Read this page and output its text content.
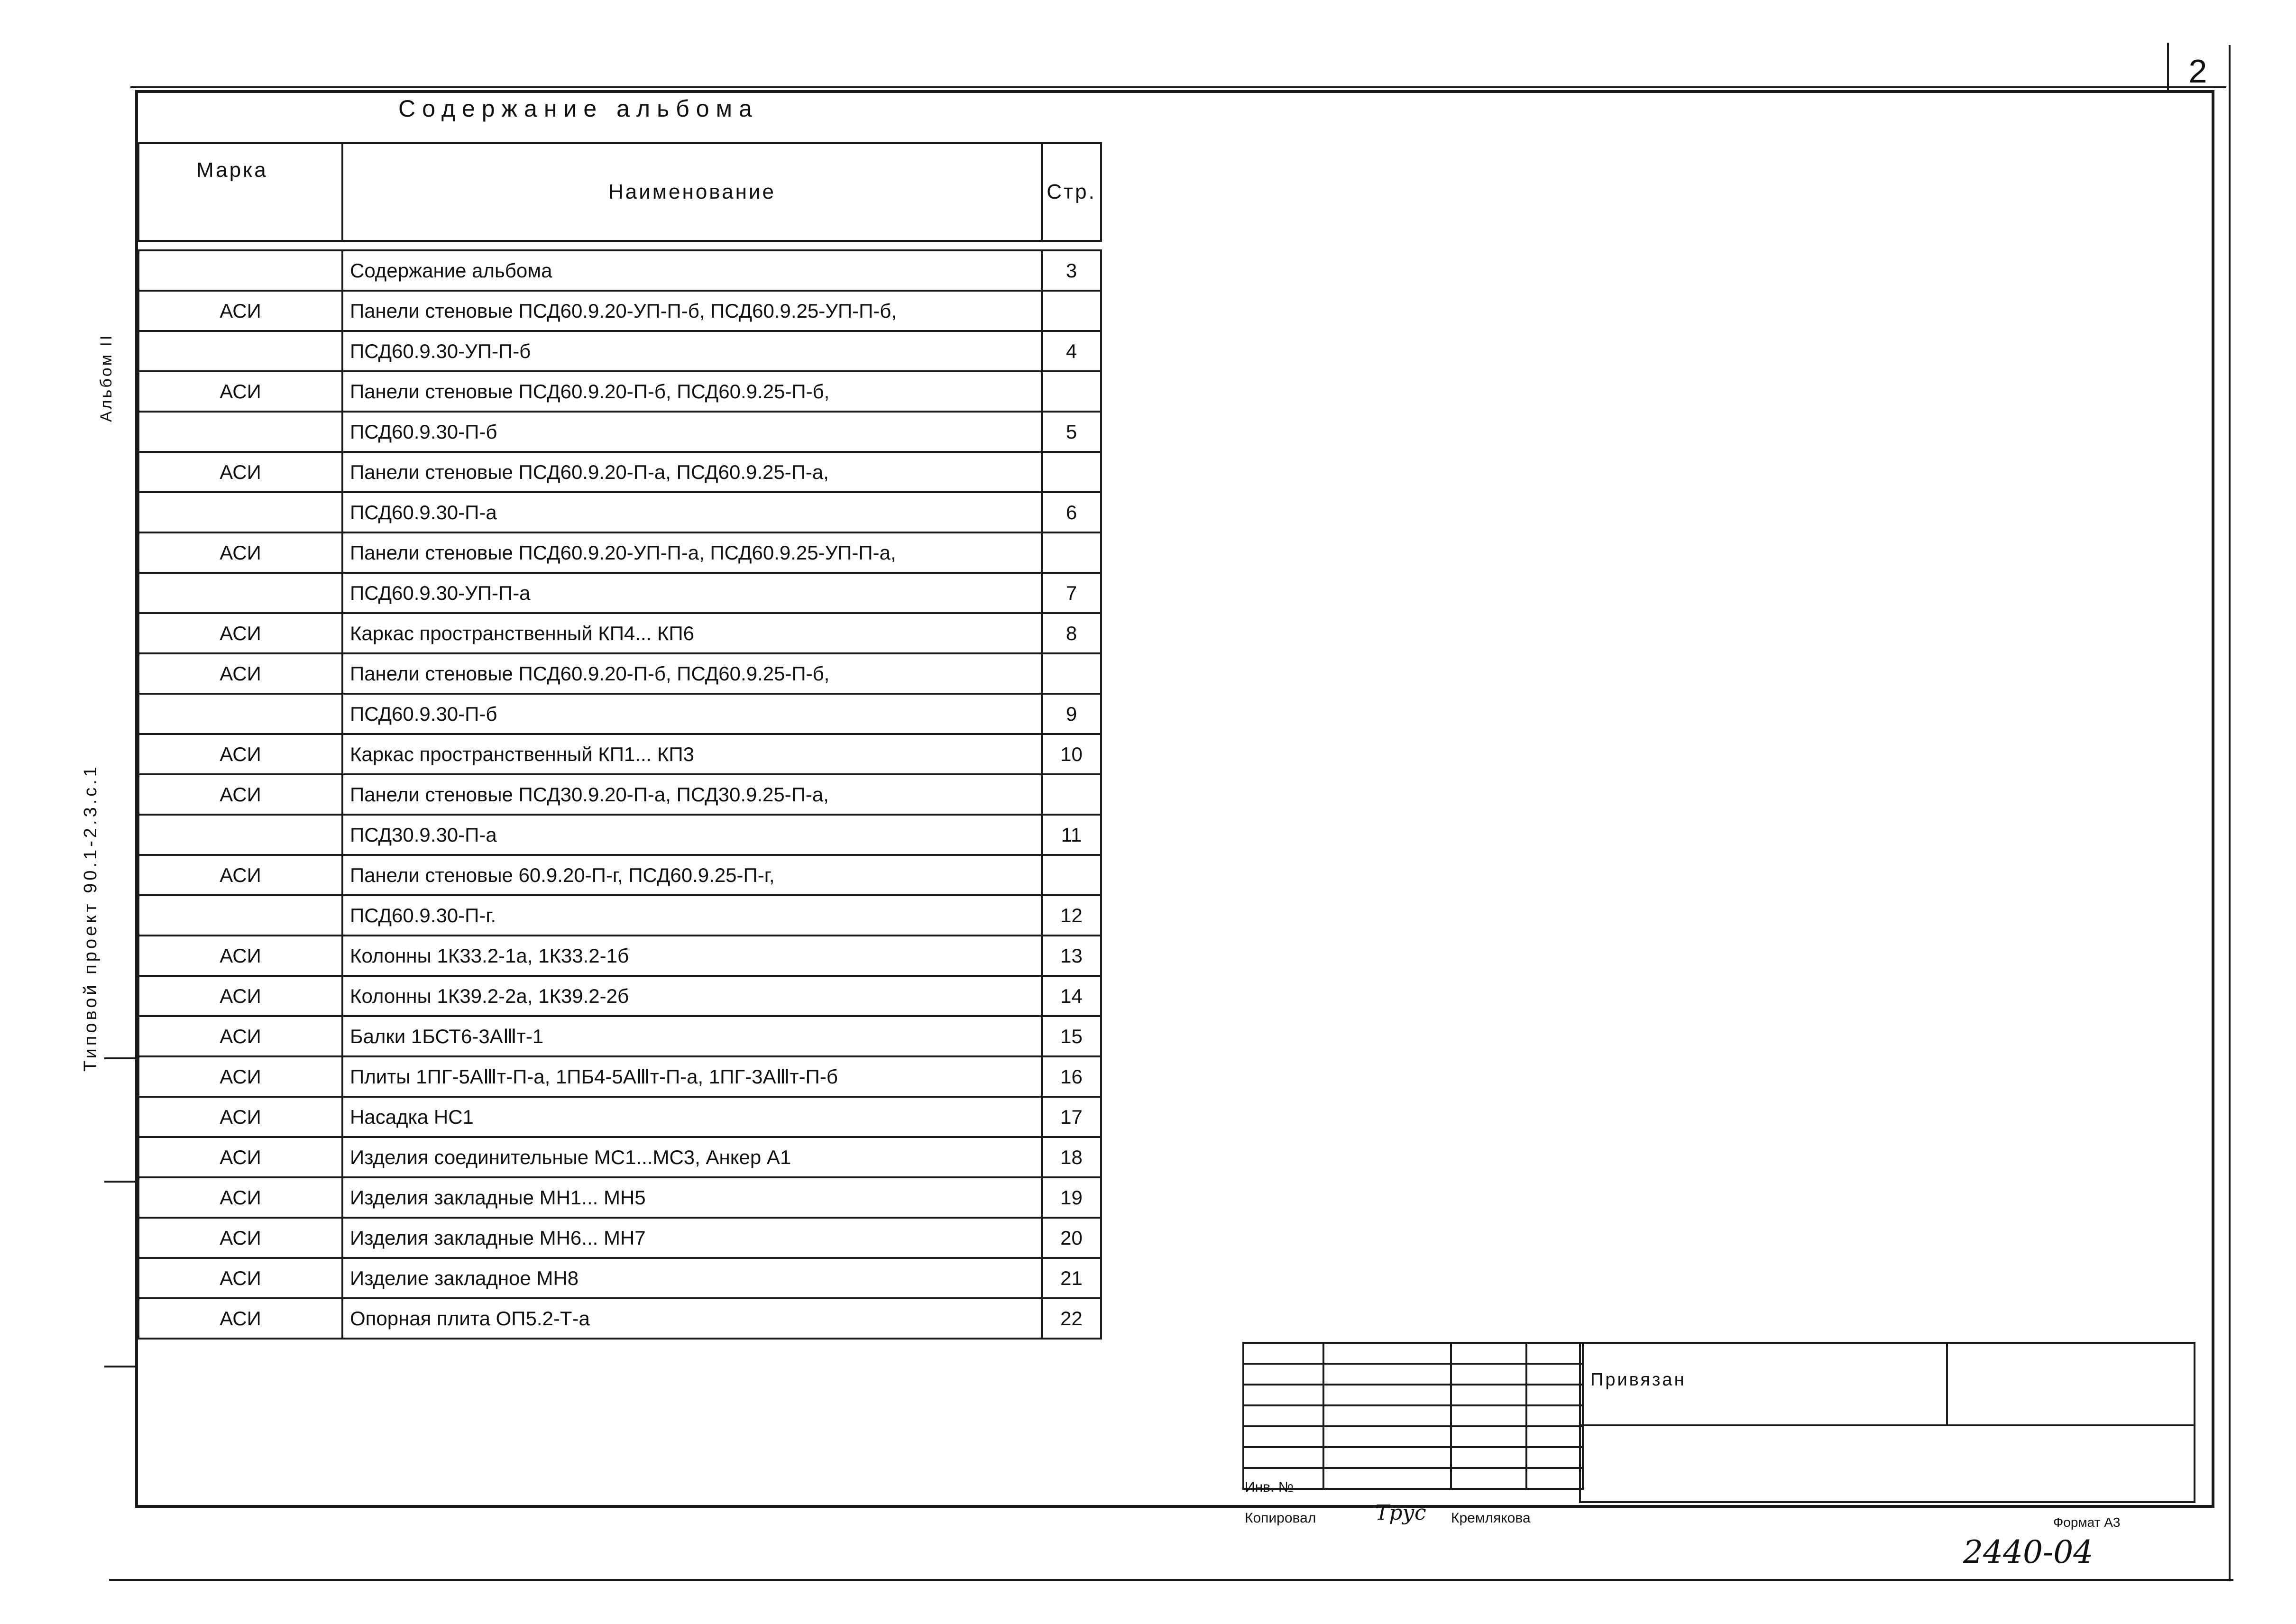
2
Типовой проект 90.1-2.3.с.1
Альбом II
Содержание альбома
Марка	Наименование	Стр.

	Содержание альбома	3
АСИ	Панели стеновые ПСД60.9.20-УП-П-б, ПСД60.9.25-УП-П-б,	
	ПСД60.9.30-УП-П-б	4
АСИ	Панели стеновые ПСД60.9.20-П-б, ПСД60.9.25-П-б,	
	ПСД60.9.30-П-б	5
АСИ	Панели стеновые ПСД60.9.20-П-а, ПСД60.9.25-П-а,	
	ПСД60.9.30-П-а	6
АСИ	Панели стеновые ПСД60.9.20-УП-П-а, ПСД60.9.25-УП-П-а,	
	ПСД60.9.30-УП-П-а	7
АСИ	Каркас пространственный КП4... КП6	8
АСИ	Панели стеновые ПСД60.9.20-П-б, ПСД60.9.25-П-б,	
	ПСД60.9.30-П-б	9
АСИ	Каркас пространственный КП1... КП3	10
АСИ	Панели стеновые ПСД30.9.20-П-а, ПСД30.9.25-П-а,	
	ПСД30.9.30-П-а	11
АСИ	Панели стеновые 60.9.20-П-г, ПСД60.9.25-П-г,	
	ПСД60.9.30-П-г.	12
АСИ	Колонны 1К33.2-1а, 1К33.2-1б	13
АСИ	Колонны 1К39.2-2а, 1К39.2-2б	14
АСИ	Балки 1БСТ6-3АⅢт-1	15
АСИ	Плиты 1ПГ-5АⅢт-П-а, 1ПБ4-5АⅢт-П-а, 1ПГ-3АⅢт-П-б	16
АСИ	Насадка НС1	17
АСИ	Изделия соединительные МС1...МС3, Анкер А1	18
АСИ	Изделия закладные МН1... МН5	19
АСИ	Изделия закладные МН6... МН7	20
АСИ	Изделие закладное МН8	21
АСИ	Опорная плита ОП5.2-Т-а	22

Привязан
Инв. №
Копировал	Трус Кремлякова	Формат А3
2440-04
